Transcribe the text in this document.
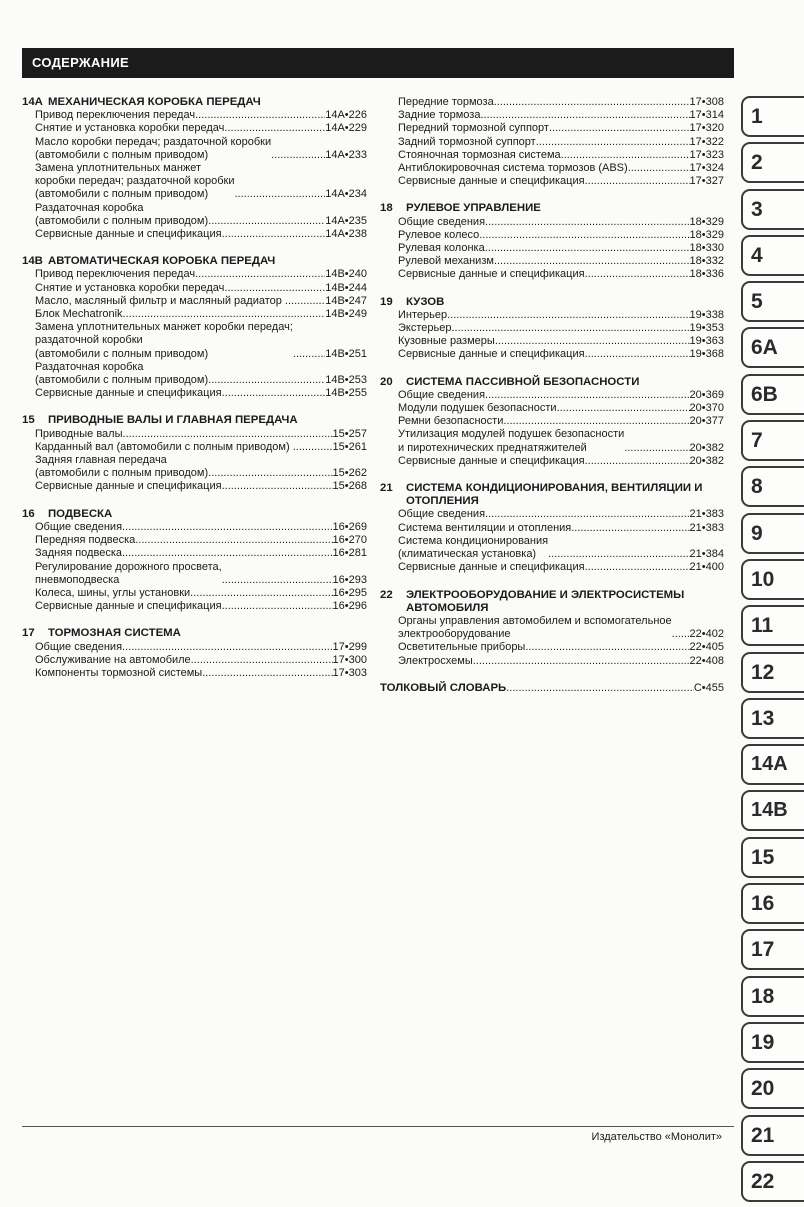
СОДЕРЖАНИЕ
14A МЕХАНИЧЕСКАЯ КОРОБКА ПЕРЕДАЧ
Привод переключения передач .....	14A•226
Снятие и установка коробки передач .....	14A•229
Масло коробки передач; раздаточной коробки
(автомобили с полным приводом) .....	14A•233
Замена уплотнительных манжет
коробки передач; раздаточной коробки
(автомобили с полным приводом) .....	14A•234
Раздаточная коробка
(автомобили с полным приводом) .....	14A•235
Сервисные данные и спецификация .....	14A•238
14B АВТОМАТИЧЕСКАЯ КОРОБКА ПЕРЕДАЧ
Привод переключения передач .....	14B•240
Снятие и установка коробки передач .....	14B•244
Масло, масляный фильтр и масляный радиатор .. .....	14B•247
Блок Mechatronik .....	14B•249
Замена уплотнительных манжет коробки передач;
раздаточной коробки
(автомобили с полным приводом) .....	14B•251
Раздаточная коробка
(автомобили с полным приводом) .....	14B•253
Сервисные данные и спецификация .....	14B•255
15	ПРИВОДНЫЕ ВАЛЫ И ГЛАВНАЯ ПЕРЕДАЧА
Приводные валы .....	15•257
Карданный вал (автомобили с полным приводом) .. .....	15•261
Задняя главная передача
(автомобили с полным приводом) .....	15•262
Сервисные данные и спецификация .....	15•268
16	ПОДВЕСКА
Общие сведения .....	16•269
Передняя подвеска .....	16•270
Задняя подвеска .....	16•281
Регулирование дорожного просвета,
пневмоподвеска .....	16•293
Колеса, шины, углы установки .....	16•295
Сервисные данные и спецификация .....	16•296
17	ТОРМОЗНАЯ СИСТЕМА
Общие сведения .....	17•299
Обслуживание на автомобиле .....	17•300
Компоненты тормозной системы .....	17•303
Передние тормоза .....	17•308
Задние тормоза .....	17•314
Передний тормозной суппорт .....	17•320
Задний тормозной суппорт .....	17•322
Стояночная тормозная система .....	17•323
Антиблокировочная система тормозов (ABS) .....	17•324
Сервисные данные и спецификация .....	17•327
18	РУЛЕВОЕ УПРАВЛЕНИЕ
Общие сведения .....	18•329
Рулевое колесо .....	18•329
Рулевая колонка .....	18•330
Рулевой механизм .....	18•332
Сервисные данные и спецификация .....	18•336
19	КУЗОВ
Интерьер .....	19•338
Экстерьер .....	19•353
Кузовные размеры .....	19•363
Сервисные данные и спецификация .....	19•368
20	СИСТЕМА ПАССИВНОЙ БЕЗОПАСНОСТИ
Общие сведения .....	20•369
Модули подушек безопасности .....	20•370
Ремни безопасности .....	20•377
Утилизация модулей подушек безопасности
и пиротехнических преднатяжителей .....	20•382
Сервисные данные и спецификация .....	20•382
21	СИСТЕМА КОНДИЦИОНИРОВАНИЯ, ВЕНТИЛЯЦИИ И ОТОПЛЕНИЯ
Общие сведения .....	21•383
Система вентиляции и отопления .....	21•383
Система кондиционирования
(климатическая установка) .....	21•384
Сервисные данные и спецификация .....	21•400
22	ЭЛЕКТРООБОРУДОВАНИЕ И ЭЛЕКТРОСИСТЕМЫ АВТОМОБИЛЯ
Органы управления автомобилем и вспомогательное
электрооборудование .....	22•402
Осветительные приборы .....	22•405
Электросхемы .....	22•408
ТОЛКОВЫЙ СЛОВАРЬ .....	С•455
1
2
3
4
5
6A
6B
7
8
9
10
11
12
13
14A
14B
15
16
17
18
19
20
21
22
Издательство «Монолит»
